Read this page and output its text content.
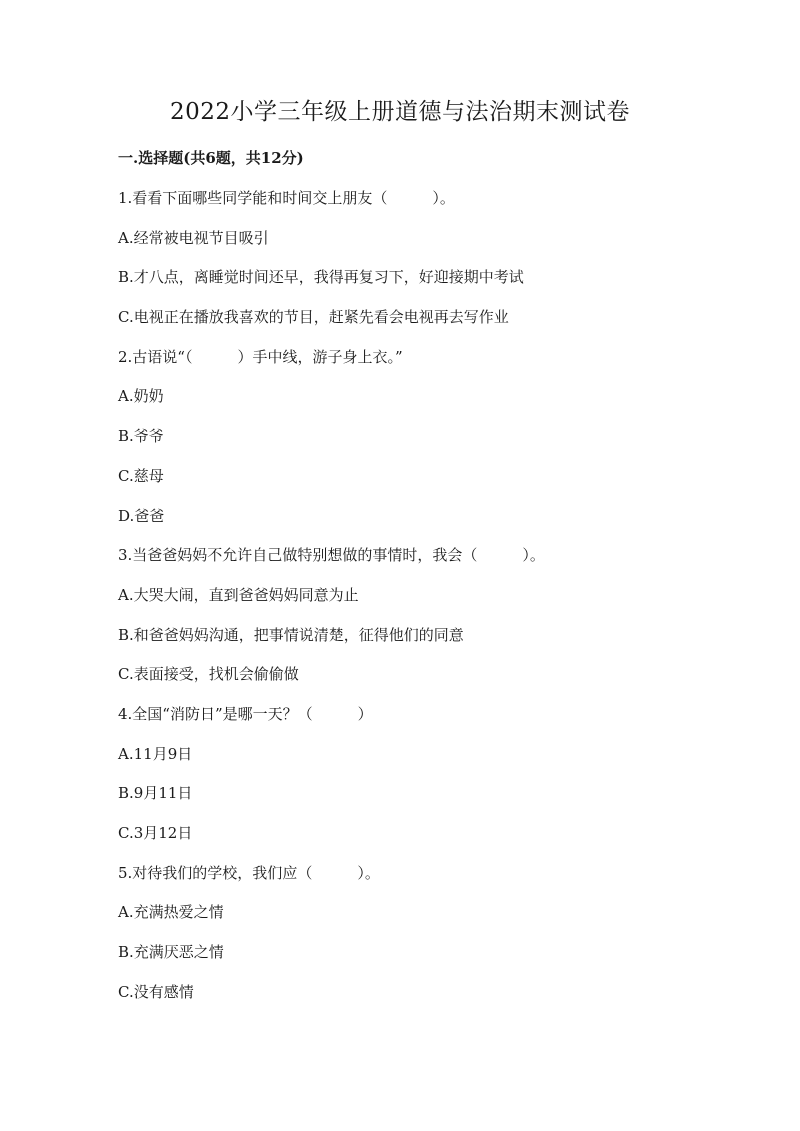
2022小学三年级上册道德与法治期末测试卷
一.选择题(共6题，共12分)
1.看看下面哪些同学能和时间交上朋友（　　　）。
A.经常被电视节目吸引
B.才八点，离睡觉时间还早，我得再复习下，好迎接期中考试
C.电视正在播放我喜欢的节目，赶紧先看会电视再去写作业
2.古语说“（　　　）手中线，游子身上衣。”
A.奶奶
B.爷爷
C.慈母
D.爸爸
3.当爸爸妈妈不允许自己做特别想做的事情时，我会（　　　）。
A.大哭大闹，直到爸爸妈妈同意为止
B.和爸爸妈妈沟通，把事情说清楚，征得他们的同意
C.表面接受，找机会偷偷做
4.全国“消防日”是哪一天？（　　　）
A.11月9日
B.9月11日
C.3月12日
5.对待我们的学校，我们应（　　　）。
A.充满热爱之情
B.充满厌恶之情
C.没有感情
